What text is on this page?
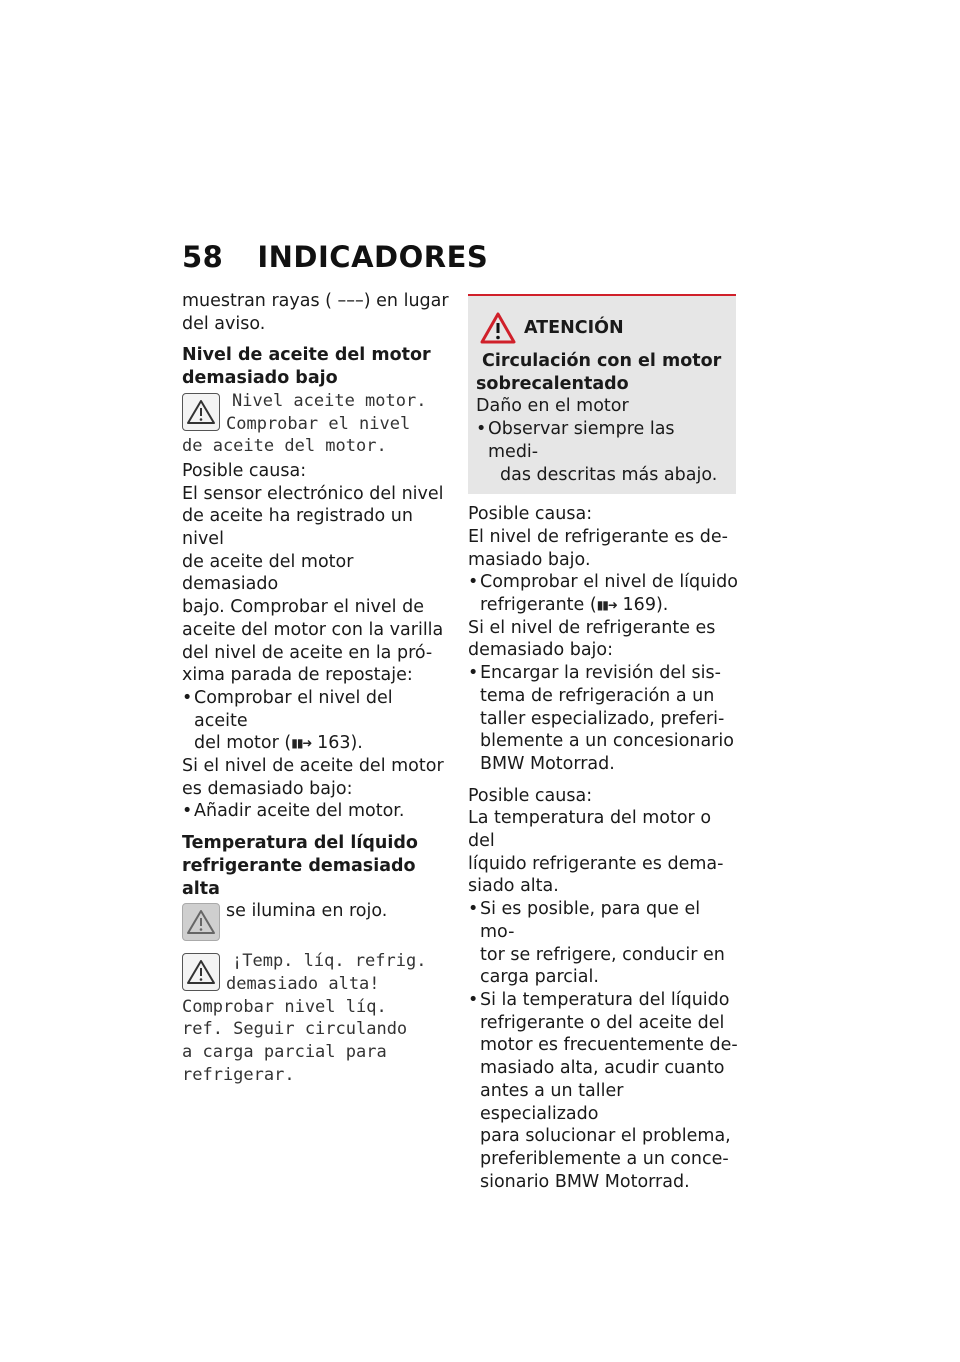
58 INDICADORES

muestran rayas ( –––) en lugar
del aviso.

Nivel de aceite del motor
demasiado bajo

Nivel aceite motor.
Comprobar el nivel
de aceite del motor.

Posible causa:

El sensor electrónico del nivel
de aceite ha registrado un nivel
de aceite del motor demasiado
bajo. Comprobar el nivel de
aceite del motor con la varilla
del nivel de aceite en la pró-
xima parada de repostaje:

• Comprobar el nivel del aceite
del motor (▮▮➜ 163).

Si el nivel de aceite del motor
es demasiado bajo:

• Añadir aceite del motor.

Temperatura del líquido
refrigerante demasiado alta

se ilumina en rojo.
¡Temp. líq. refrig.
demasiado alta!
Comprobar nivel líq.
ref. Seguir circulando
a carga parcial para
refrigerar.
ATENCIÓN

Circulación con el motor
sobrecalentado

Daño en el motor

• Observar siempre las medi-
das descritas más abajo.

Posible causa:

El nivel de refrigerante es de-
masiado bajo.

• Comprobar el nivel de líquido
refrigerante (▮▮➜ 169).

Si el nivel de refrigerante es
demasiado bajo:

• Encargar la revisión del sis-
tema de refrigeración a un
taller especializado, preferi-
blemente a un concesionario
BMW Motorrad.

Posible causa:

La temperatura del motor o del
líquido refrigerante es dema-
siado alta.

• Si es posible, para que el mo-
tor se refrigere, conducir en
carga parcial.
• Si la temperatura del líquido
refrigerante o del aceite del
motor es frecuentemente de-
masiado alta, acudir cuanto
antes a un taller especializado
para solucionar el problema,
preferiblemente a un conce-
sionario BMW Motorrad.
